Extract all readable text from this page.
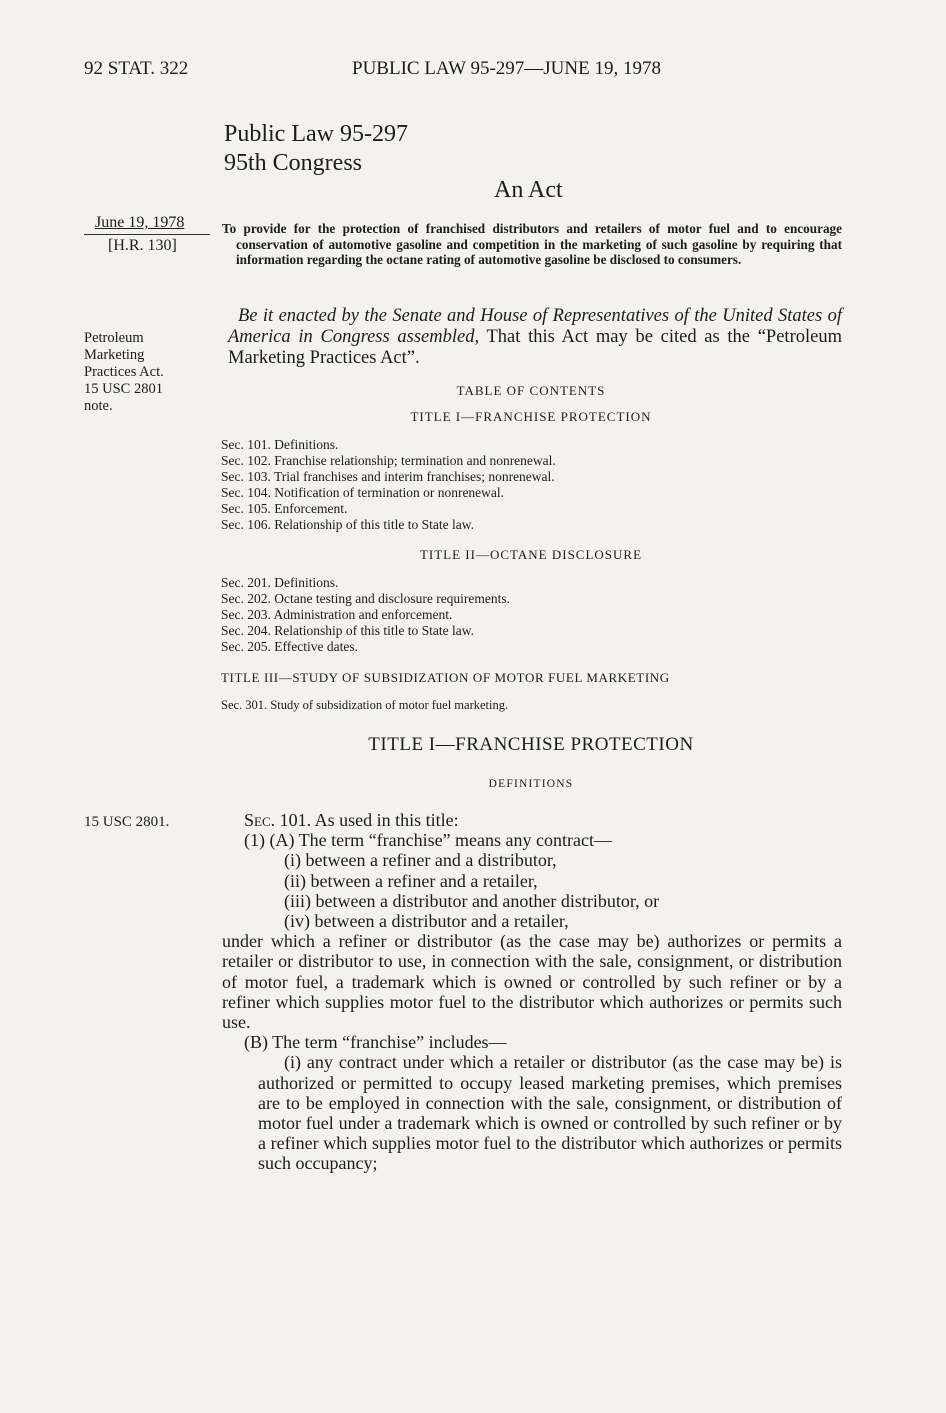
92 STAT. 322	PUBLIC LAW 95-297—JUNE 19, 1978
Public Law 95-297
95th Congress
An Act
June 19, 1978
[H.R. 130]

To provide for the protection of franchised distributors and retailers of motor fuel and to encourage conservation of automotive gasoline and competition in the marketing of such gasoline by requiring that information regarding the octane rating of automotive gasoline be disclosed to consumers.

Petroleum
Marketing
Practices Act.
15 USC 2801
note.
Be it enacted by the Senate and House of Representatives of the United States of America in Congress assembled, That this Act may be cited as the “Petroleum Marketing Practices Act”.
TABLE OF CONTENTS
TITLE I—FRANCHISE PROTECTION
Sec. 101. Definitions.
Sec. 102. Franchise relationship; termination and nonrenewal.
Sec. 103. Trial franchises and interim franchises; nonrenewal.
Sec. 104. Notification of termination or nonrenewal.
Sec. 105. Enforcement.
Sec. 106. Relationship of this title to State law.
TITLE II—OCTANE DISCLOSURE
Sec. 201. Definitions.
Sec. 202. Octane testing and disclosure requirements.
Sec. 203. Administration and enforcement.
Sec. 204. Relationship of this title to State law.
Sec. 205. Effective dates.
TITLE III—STUDY OF SUBSIDIZATION OF MOTOR FUEL MARKETING
Sec. 301. Study of subsidization of motor fuel marketing.
TITLE I—FRANCHISE PROTECTION
DEFINITIONS
15 USC 2801.	Sec. 101. As used in this title:
(1) (A) The term “franchise” means any contract—
(i) between a refiner and a distributor,
(ii) between a refiner and a retailer,
(iii) between a distributor and another distributor, or
(iv) between a distributor and a retailer,
under which a refiner or distributor (as the case may be) authorizes or permits a retailer or distributor to use, in connection with the sale, consignment, or distribution of motor fuel, a trademark which is owned or controlled by such refiner or by a refiner which supplies motor fuel to the distributor which authorizes or permits such use.
(B) The term “franchise” includes—
(i) any contract under which a retailer or distributor (as the case may be) is authorized or permitted to occupy leased marketing premises, which premises are to be employed in connection with the sale, consignment, or distribution of motor fuel under a trademark which is owned or controlled by such refiner or by a refiner which supplies motor fuel to the distributor which authorizes or permits such occupancy;
